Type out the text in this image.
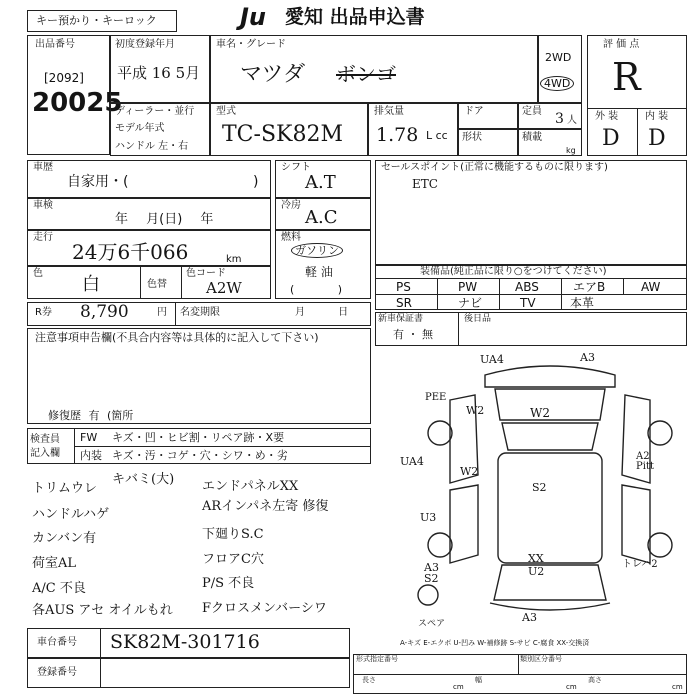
キー預かり・キーロック	Ju 愛知 出品申込書
出品番号
[2092]
20025
初度登録年月
平成 16 5月
車名・グレード
マツダ ボンゴ
2WD
4WD
評 価 点
R
外 装	内 装
D D
ディーラー・並行
モデル年式
ハンドル 左・右
型式
TC-SK82M
排気量
1.78 L cc
ドア
形状
定員 3 人
積載
kg
車歴
自家用・(	)
車検
年 月(日) 年
走行
24万6千066	km
色
白	色替
色コード
A2W
シフト
A.T
冷房
A.C
燃料
ガソリン
軽 油
( )
セールスポイント(正常に機能するものに限ります)
ETC
装備品(純正品に限り○をつけてください)
PS	PW	ABS	エアB	AW
SR	ナビ	TV	本革
R券 8,790	円 名変期限	月 日
新車保証書
有 ・ 無
後日品
注意事項申告欄(不具合内容等は具体的に記入して下さい)
修復歴 有 (箇所
検査員 記入欄
FW キズ・凹・ヒビ割・リペア跡・X要
内装 キズ・汚・コゲ・穴・シワ・め・劣
トリムウレ
キバミ(大) エンドパネルXX
ハンドルハゲ
ARインパネ左寄 修復
カンバン有	下廻りS.C
荷室AL	フロアC穴
A/C 不良	P/S 不良
各AUS アセ オイルもれ Fクロスメンバーシワ
UA4	A3
PEE
W2	W2
UA4
W2
A2 Pitt
S2
U3
XX
U2
A3 S2
A3
トレハ2
スペア
A-キズ E-エクボ U-凹み W-補修跡 S-サビ C-腐食 XX-交換済
車台番号 SK82M-301716
登録番号
形式指定番号	類別区分番号
長さ	幅	高さ
cm	cm	cm
